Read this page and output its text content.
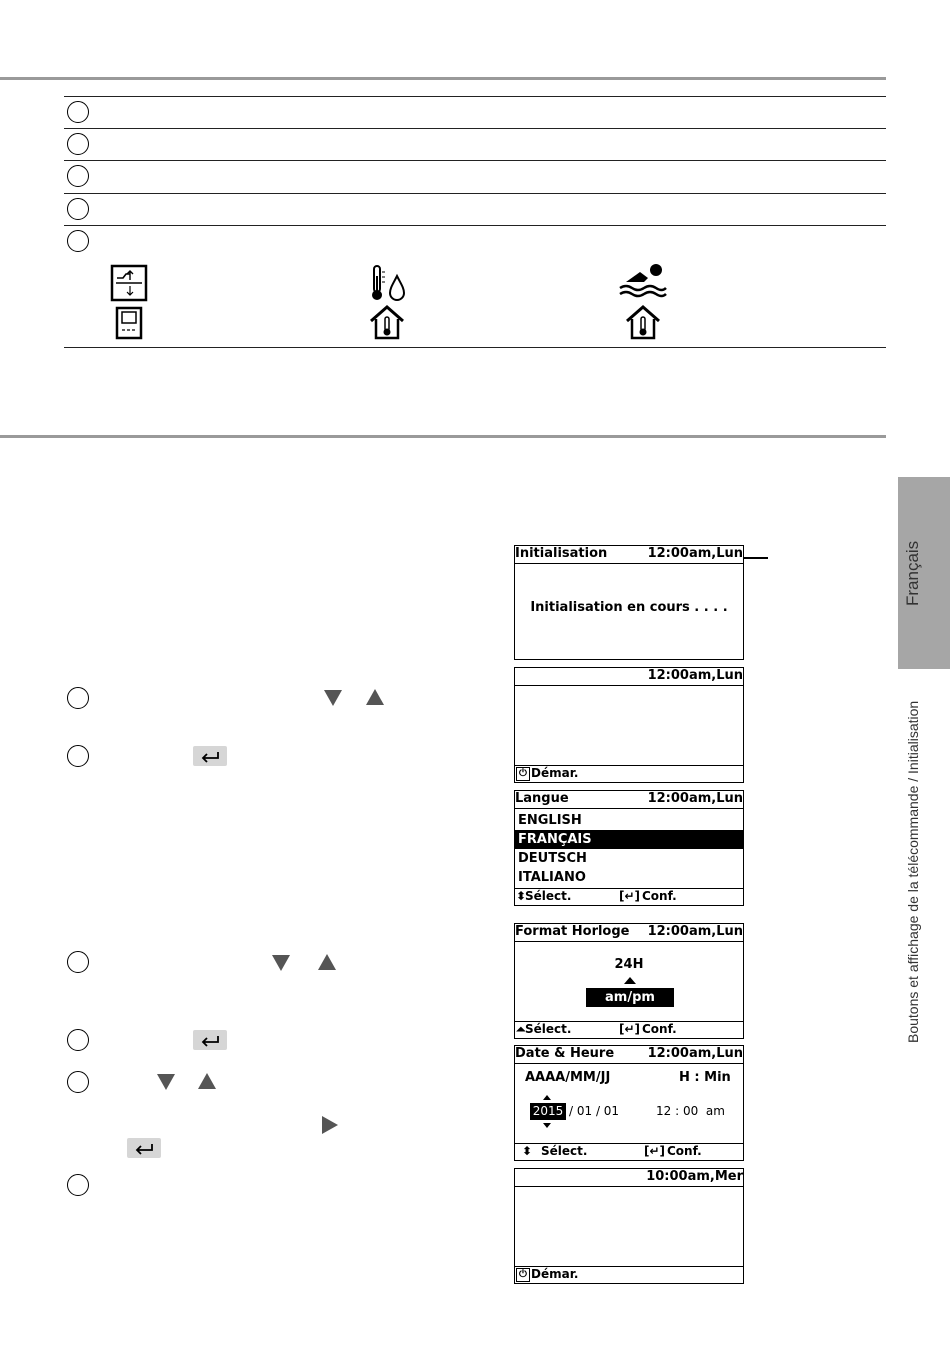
Français
Boutons et affichage de la télécommande / Initialisation
Initialisation	12:00am,Lun
Initialisation en cours . . . .
12:00am,Lun
⏻ Démar.
Langue	12:00am,Lun
ENGLISH
FRANÇAIS
DEUTSCH
ITALIANO
⬍
Sélect.	[↵] Conf.
Format Horloge 12:00am,Lun
24H
am/pm
⏶ Sélect.	[↵] Conf.
Date & Heure	12:00am,Lun
AAAA/MM/JJ	H : Min
2015 / 01 / 01	12 : 00  am
⬍ Sélect.	[↵] Conf.
10:00am,Mer
⏻ Démar.
